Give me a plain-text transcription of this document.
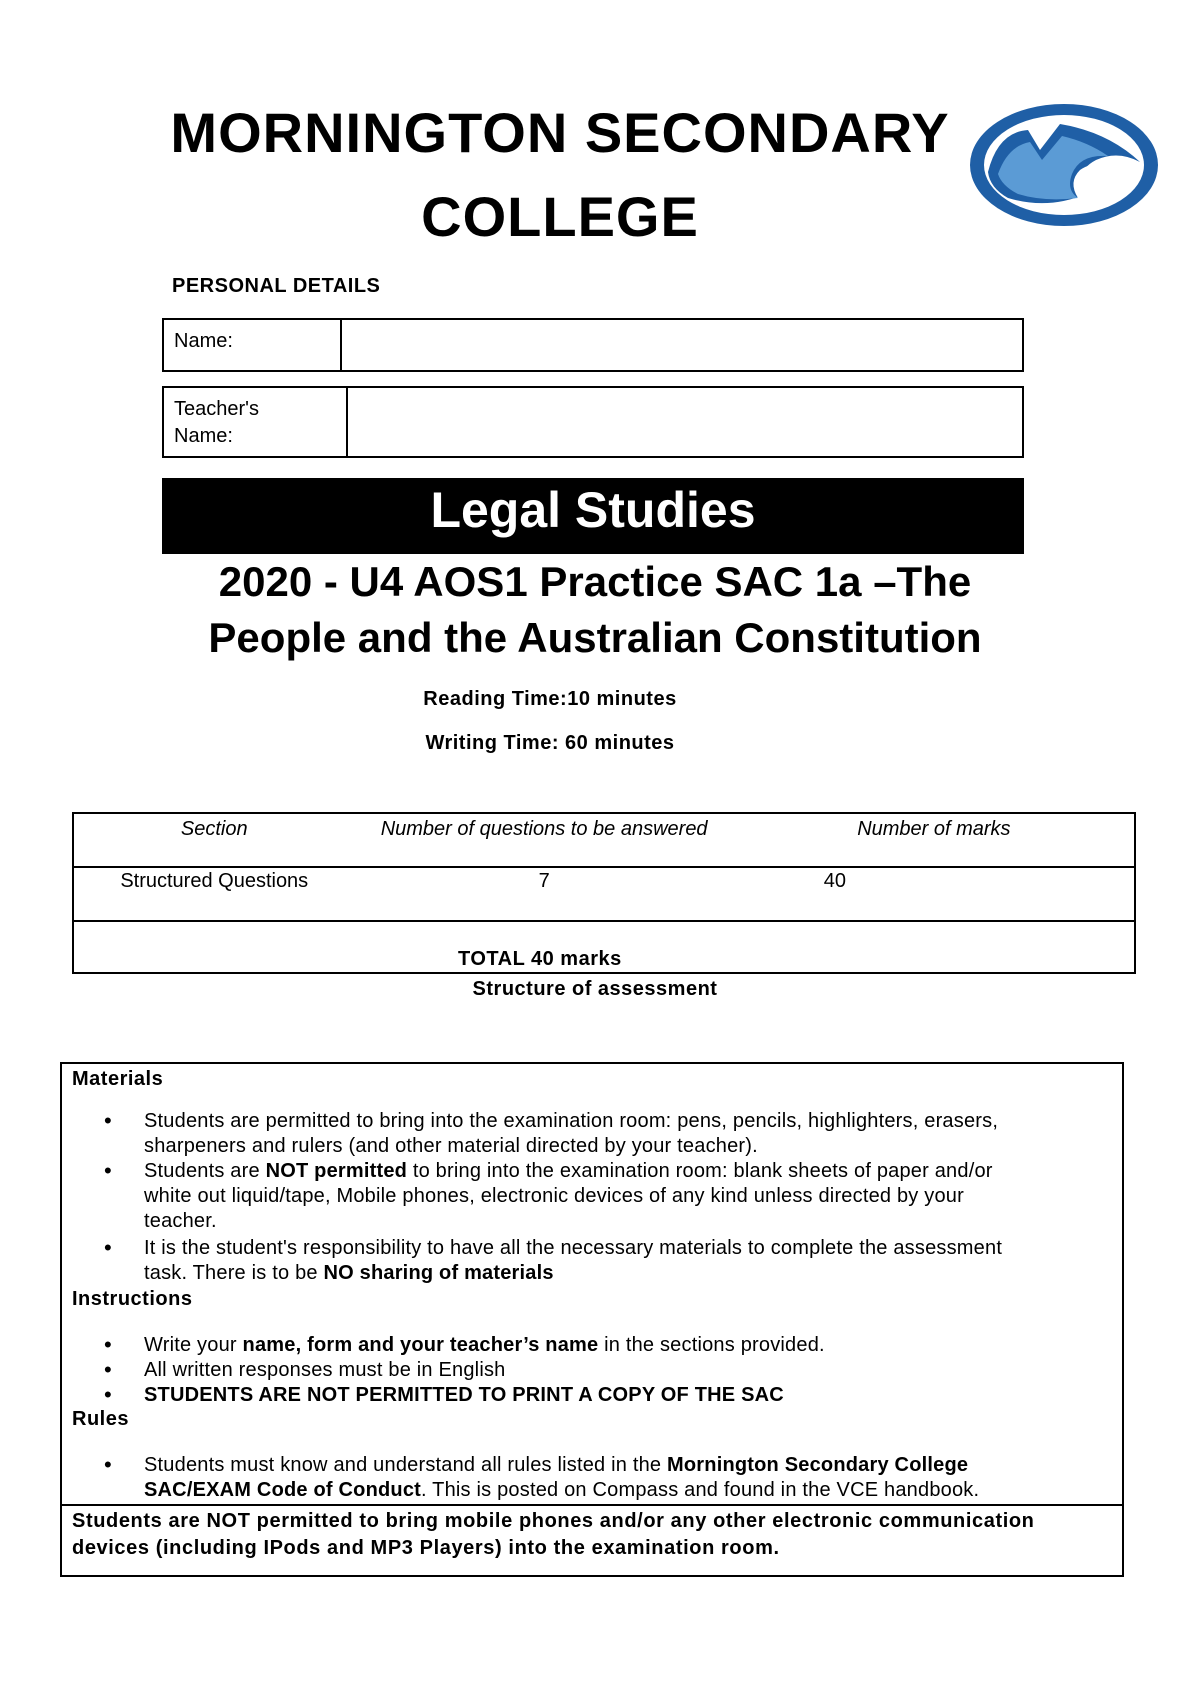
MORNINGTON SECONDARY
COLLEGE
PERSONAL DETAILS
Name:
Teacher's
Name:
Legal Studies
2020 - U4 AOS1 Practice SAC 1a –The
People and the Australian Constitution
Reading Time:10 minutes
Writing Time: 60 minutes
Section	Number of questions to be answered	Number of marks
Structured Questions	7	40
TOTAL 40 marks		
Structure of assessment
Materials
•
Students are permitted to bring into the examination room: pens, pencils, highlighters, erasers,
sharpeners and rulers (and other material directed by your teacher).
•
Students are NOT permitted to bring into the examination room: blank sheets of paper and/or
white out liquid/tape, Mobile phones, electronic devices of any kind unless directed by your
teacher.
•
It is the student's responsibility to have all the necessary materials to complete the assessment
task. There is to be NO sharing of materials
Instructions
•
Write your name, form and your teacher’s name in the sections provided.
•
All written responses must be in English
•
STUDENTS ARE NOT PERMITTED TO PRINT A COPY OF THE SAC
Rules
•
Students must know and understand all rules listed in the Mornington Secondary College
SAC/EXAM Code of Conduct. This is posted on Compass and found in the VCE handbook.
Students are NOT permitted to bring mobile phones and/or any other electronic communication
devices (including IPods and MP3 Players) into the examination room.
